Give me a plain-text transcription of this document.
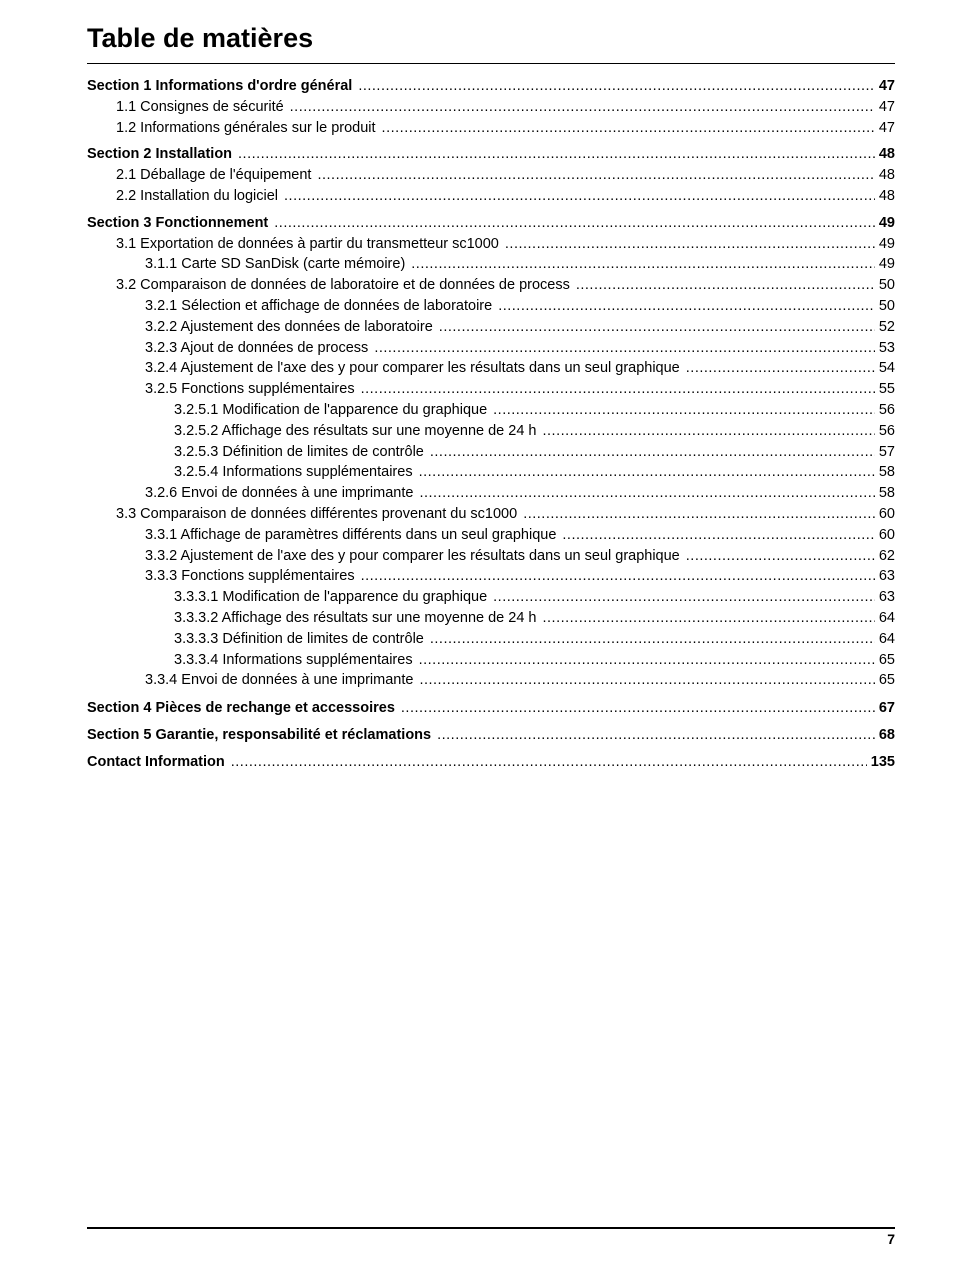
Table de matières
Section 1 Informations d'ordre général .....	47
1.1 Consignes de sécurité .....	47
1.2 Informations générales sur le produit .....	47
Section 2 Installation .....	48
2.1 Déballage de l'équipement .....	48
2.2 Installation du logiciel .....	48
Section 3 Fonctionnement .....	49
3.1 Exportation de données à partir du transmetteur sc1000 .....	49
3.1.1 Carte SD SanDisk (carte mémoire) .....	49
3.2 Comparaison de données de laboratoire et de données de process .....	50
3.2.1 Sélection et affichage de données de laboratoire .....	50
3.2.2 Ajustement des données de laboratoire .....	52
3.2.3 Ajout de données de process .....	53
3.2.4 Ajustement de l'axe des y pour comparer les résultats dans un seul graphique .....	54
3.2.5 Fonctions supplémentaires .....	55
3.2.5.1 Modification de l'apparence du graphique .....	56
3.2.5.2 Affichage des résultats sur une moyenne de 24 h .....	56
3.2.5.3 Définition de limites de contrôle .....	57
3.2.5.4 Informations supplémentaires .....	58
3.2.6 Envoi de données à une imprimante .....	58
3.3 Comparaison de données différentes provenant du sc1000 .....	60
3.3.1 Affichage de paramètres différents dans un seul graphique .....	60
3.3.2 Ajustement de l'axe des y pour comparer les résultats dans un seul graphique .....	62
3.3.3 Fonctions supplémentaires .....	63
3.3.3.1 Modification de l'apparence du graphique .....	63
3.3.3.2 Affichage des résultats sur une moyenne de 24 h .....	64
3.3.3.3 Définition de limites de contrôle .....	64
3.3.3.4 Informations supplémentaires .....	65
3.3.4 Envoi de données à une imprimante .....	65
Section 4 Pièces de rechange et accessoires .....	67
Section 5 Garantie, responsabilité et réclamations .....	68
Contact Information .....	135
7
